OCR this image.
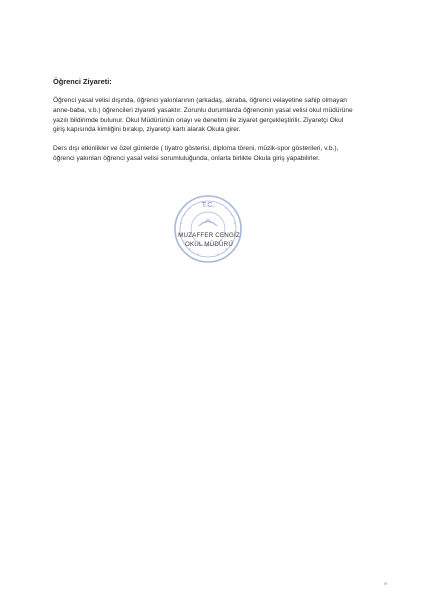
Öğrenci Ziyareti:

Öğrenci yasal velisi dışında, öğrenci yakınlarının (arkadaş, akraba, öğrenci velayetine sahip olmayan
anne-baba, v.b.) öğrencileri ziyareti yasaktır. Zorunlu durumlarda öğrencinin yasal velisi okul müdürüne
yazılı bildirimde bulunur. Okul Müdürünün onayı ve denetimi ile ziyaret gerçekleştirilir. Ziyaretçi Okul
giriş kapısında kimliğini bırakıp, ziyaretçi kartı alarak Okula girer.

Ders dışı etkinlikler ve özel günlerde ( tiyatro gösterisi, diploma töreni, müzik-spor gösterileri, v.b.),
öğrenci yakınları öğrenci yasal velisi sorumluluğunda, onlarla birlikte Okula giriş yapabilirler.

T.C.
MUZAFFER CENGİZ
OKUL MÜDÜRÜ
